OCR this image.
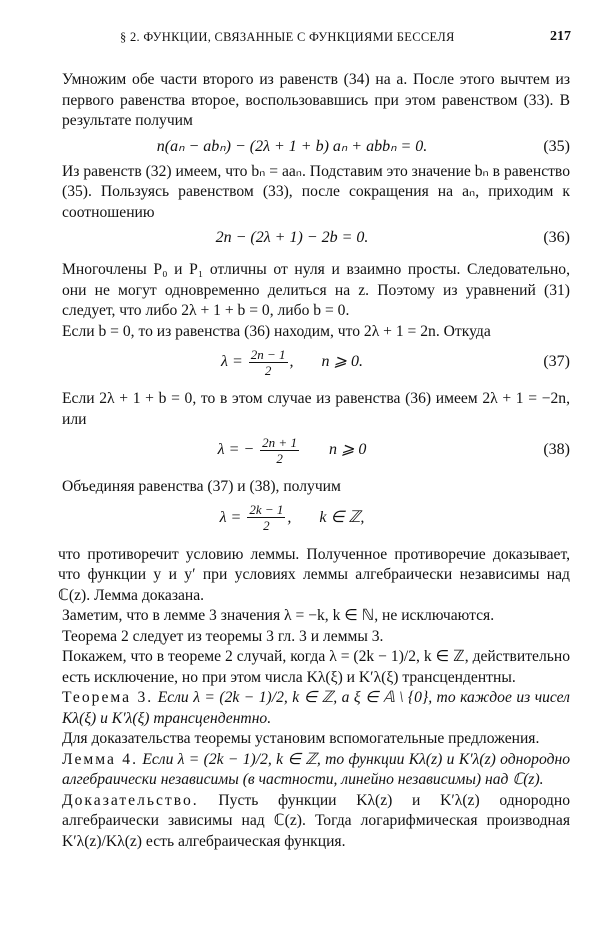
§ 2. ФУНКЦИИ, СВЯЗАННЫЕ С ФУНКЦИЯМИ БЕССЕЛЯ	217

Умножим обе части второго из равенств (34) на a. После этого вычтем из первого равенства второе, воспользовавшись при этом равенством (33). В результате получим

n(aₙ − abₙ) − (2λ + 1 + b) aₙ + abbₙ = 0.	(35)

Из равенств (32) имеем, что bₙ = aaₙ. Подставим это значение bₙ в равенство (35). Пользуясь равенством (33), после сокращения на aₙ, приходим к соотношению

2n − (2λ + 1) − 2b = 0.	(36)

Многочлены P₀ и P₁ отличны от нуля и взаимно просты. Следовательно, они не могут одновременно делиться на z. Поэтому из уравнений (31) следует, что либо 2λ + 1 + b = 0, либо b = 0.

Если b = 0, то из равенства (36) находим, что 2λ + 1 = 2n. Откуда

$\lambda = \frac{2n - 1}{2}$ ,       n ⩾ 0.	(37)

Если 2λ + 1 + b = 0, то в этом случае из равенства (36) имеем 2λ + 1 = −2n, или

λ = − $\frac{2n + 1}{2}$ n ⩾ 0	(38)

Объединяя равенства (37) и (38), получим

$\lambda = \frac{2k - 1}{2}$ ,       k ∈ ℤ,

что противоречит условию леммы. Полученное противоречие доказывает, что функции y и y′ при условиях леммы алгебраически независимы над ℂ(z). Лемма доказана.

Заметим, что в лемме 3 значения λ = −k, k ∈ ℕ, не исключаются.

Теорема 2 следует из теоремы 3 гл. 3 и леммы 3.

Покажем, что в теореме 2 случай, когда λ = (2k − 1)/2, k ∈ ℤ, действительно есть исключение, но при этом числа Kλ(ξ) и K′λ(ξ) трансцендентны.

Теорема 3. Если λ = (2k − 1)/2, k ∈ ℤ, а ξ ∈ 𝔸 \ {0}, то каждое из чисел Kλ(ξ) и K′λ(ξ) трансцендентно.

Для доказательства теоремы установим вспомогательные предложения.

Лемма 4. Если λ = (2k − 1)/2, k ∈ ℤ, то функции Kλ(z) и K′λ(z) однородно алгебраически независимы (в частности, линейно независимы) над ℂ(z).

Доказательство. Пусть функции Kλ(z) и K′λ(z) однородно алгебраически зависимы над ℂ(z). Тогда логарифмическая производная K′λ(z)/Kλ(z) есть алгебраическая функция.
